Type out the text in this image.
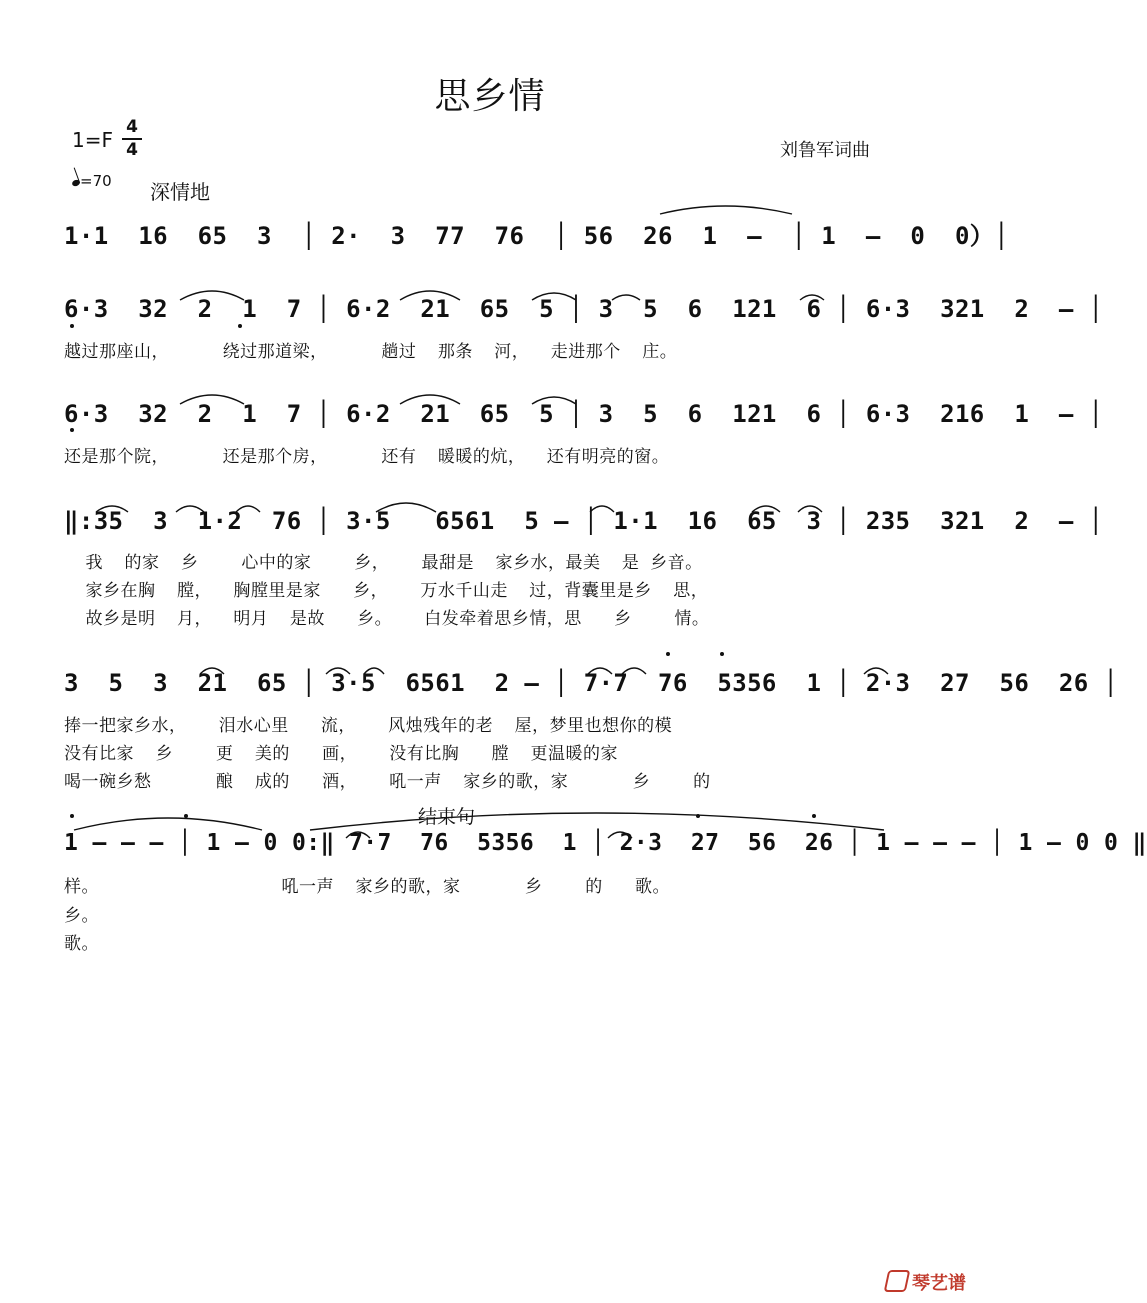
思乡情
1=F
4
4
=70 深情地
刘鲁军词曲
1·1  16  65  3  │ 2·  3  77  76  │ 56  26  1  –  │ 1  –  0  0）│
6·3  32  2  1  7 │ 6·2  21  65  5 │ 3  5  6  121  6 │ 6·3  321  2  – │
越过那座山，     绕过那道梁，     趟过  那条  河，  走进那个  庄。
6·3  32  2  1  7 │ 6·2  21  65  5 │ 3  5  6  121  6 │ 6·3  216  1  – │
还是那个院，     还是那个房，     还有  暖暖的炕，  还有明亮的窗。
‖:35  3  1·2  76 │ 3·5   6561  5 – │ 1·1  16  65  3 │ 235  321  2  – │
我  的家  乡    心中的家    乡，   最甜是  家乡水，最美  是 乡音。
家乡在胸  膛，  胸膛里是家   乡，   万水千山走  过，背囊里是乡  思，
故乡是明  月，  明月  是故   乡。   白发牵着思乡情，思   乡    情。
3  5  3  21  65 │ 3·5  6561  2 – │ 7·7  76  5356  1 │ 2·3  27  56  26 │
捧一把家乡水，   泪水心里   流，   风烛残年的老  屋，梦里也想你的模
没有比家  乡    更  美的   画，   没有比胸   膛  更温暖的家
喝一碗乡愁      酿  成的   酒，   吼一声  家乡的歌，家      乡    的
结束句
1 – – – │ 1 – 0 0:‖ 7·7  76  5356  1 │ 2·3  27  56  26 │ 1 – – – │ 1 – 0 0 ‖
样。                 吼一声  家乡的歌，家      乡    的   歌。
乡。
歌。
琴艺谱
